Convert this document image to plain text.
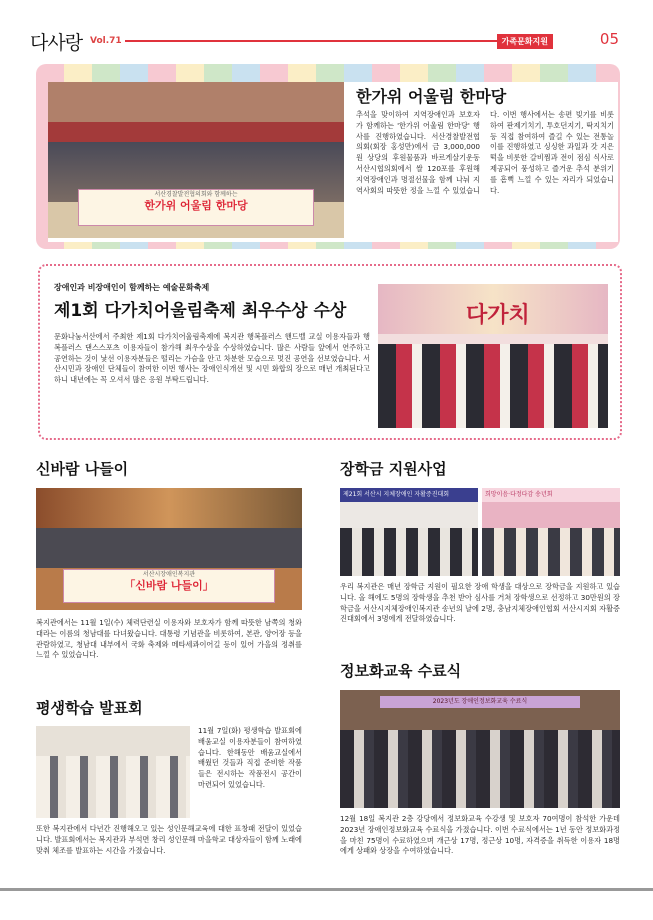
다사랑 Vol.71	가족문화지원	05
서산경찰발전협의회와 함께하는
한가위 어울림 한마당
한가위 어울림 한마당

추석을 맞이하여 지역장애인과 보호자가 함께하는 '한가위 어울림 한마당' 행사를 진행하였습니다. 서산경찰발전협의회(회장 홍성만)에서 금 3,000,000원 상당의 후원물품과 바르게살기운동 서산시협의회에서 쌀 120포를 후원해 지역장애인과 명절선물을 함께 나눠 지역사회의 따뜻한 정을 느낄 수 있었습니다. 이번 행사에서는 송편 빚기를 비롯하여 판제기치기, 투호던지기, 딱지치기 등 직접 참여하여 즐길 수 있는 전통놀이를 진행하였고 싱싱한 과일과 갓 지은 떡을 비롯한 갈비찜과 전이 점심 식사로 제공되어 풍성하고 즐거운 추석 분위기를 흠뻑 느낄 수 있는 자리가 되었습니다.

장애인과 비장애인이 함께하는 예술문화축제
제1회 다가치어울림축제 최우수상 수상

문화나눔서산에서 주최한 제1회 다가치어울림축제에 복지관 행복플러스 핸드벨 교실 이용자들과 행복플러스 댄스스포츠 이용자들이 참가해 최우수상을 수상하였습니다. 많은 사람들 앞에서 연주하고 공연하는 것이 낯선 이용자분들은 떨리는 가슴을 안고 차분한 모습으로 멋진 공연을 선보였습니다. 서산시민과 장애인 단체들이 참여한 이번 행사는 장애인식개선 및 시민 화합의 장으로 매년 개최된다고 하니 내년에는 꼭 오셔서 많은 응원 부탁드립니다.

다가치
신바람 나들이
서산시장애인복지관
「신바람 나들이」

복지관에서는 11월 1일(수) 체력단련실 이용자와 보호자가 함께 따뜻한 남쪽의 청와대라는 이름의 청남대를 다녀왔습니다. 대통령 기념관을 비롯하여, 본관, 양어장 등을 관람하였고, 청남대 내부에서 국화 축제와 메타세콰이어길 등이 있어 가을의 정취를 느낄 수 있었습니다.

장학금 지원사업
제21회 서산시 지체장애인 자활증진대회	희망이음·다정다감 송년회

우리 복지관은 매년 장학금 지원이 필요한 장애 학생을 대상으로 장학금을 지원하고 있습니다. 올 해에도 5명의 장학생을 추천 받아 심사를 거쳐 장학생으로 선정하고 30만원의 장학금을 서산시지체장애인복지관 송년의 날에 2명, 충남지체장애인협회 서산시지회 자활증진대회에서 3명에게 전달하였습니다.

평생학습 발표회

11월 7일(화) 평생학습 발표회에 배움교실 이용자분들이 참여하였습니다. 한해동안 배움교실에서 배웠던 것들과 직접 준비한 작품들은 전시하는 작품전시 공간이 마련되어 있었습니다.

또한 복지관에서 다년간 진행해오고 있는 성인문해교육에 대한 표창패 전달이 있었습니다. 발표회에서는 복지관과 부석면 창리 성인문해 마을학교 대상자들이 함께 노래에 맞춰 체조를 발표하는 시간을 가졌습니다.

정보화교육 수료식
2023년도 장애인정보화교육 수료식

12월 18일 복지관 2층 강당에서 정보화교육 수강생 및 보호자 70여명이 참석한 가운데 2023년 장애인정보화교육 수료식을 가졌습니다. 이번 수료식에서는 1년 동안 정보화과정을 마친 75명이 수료하였으며 개근상 17명, 정근상 10명, 자격증을 취득한 이용자 18명에게 상패와 상장을 수여하였습니다.
